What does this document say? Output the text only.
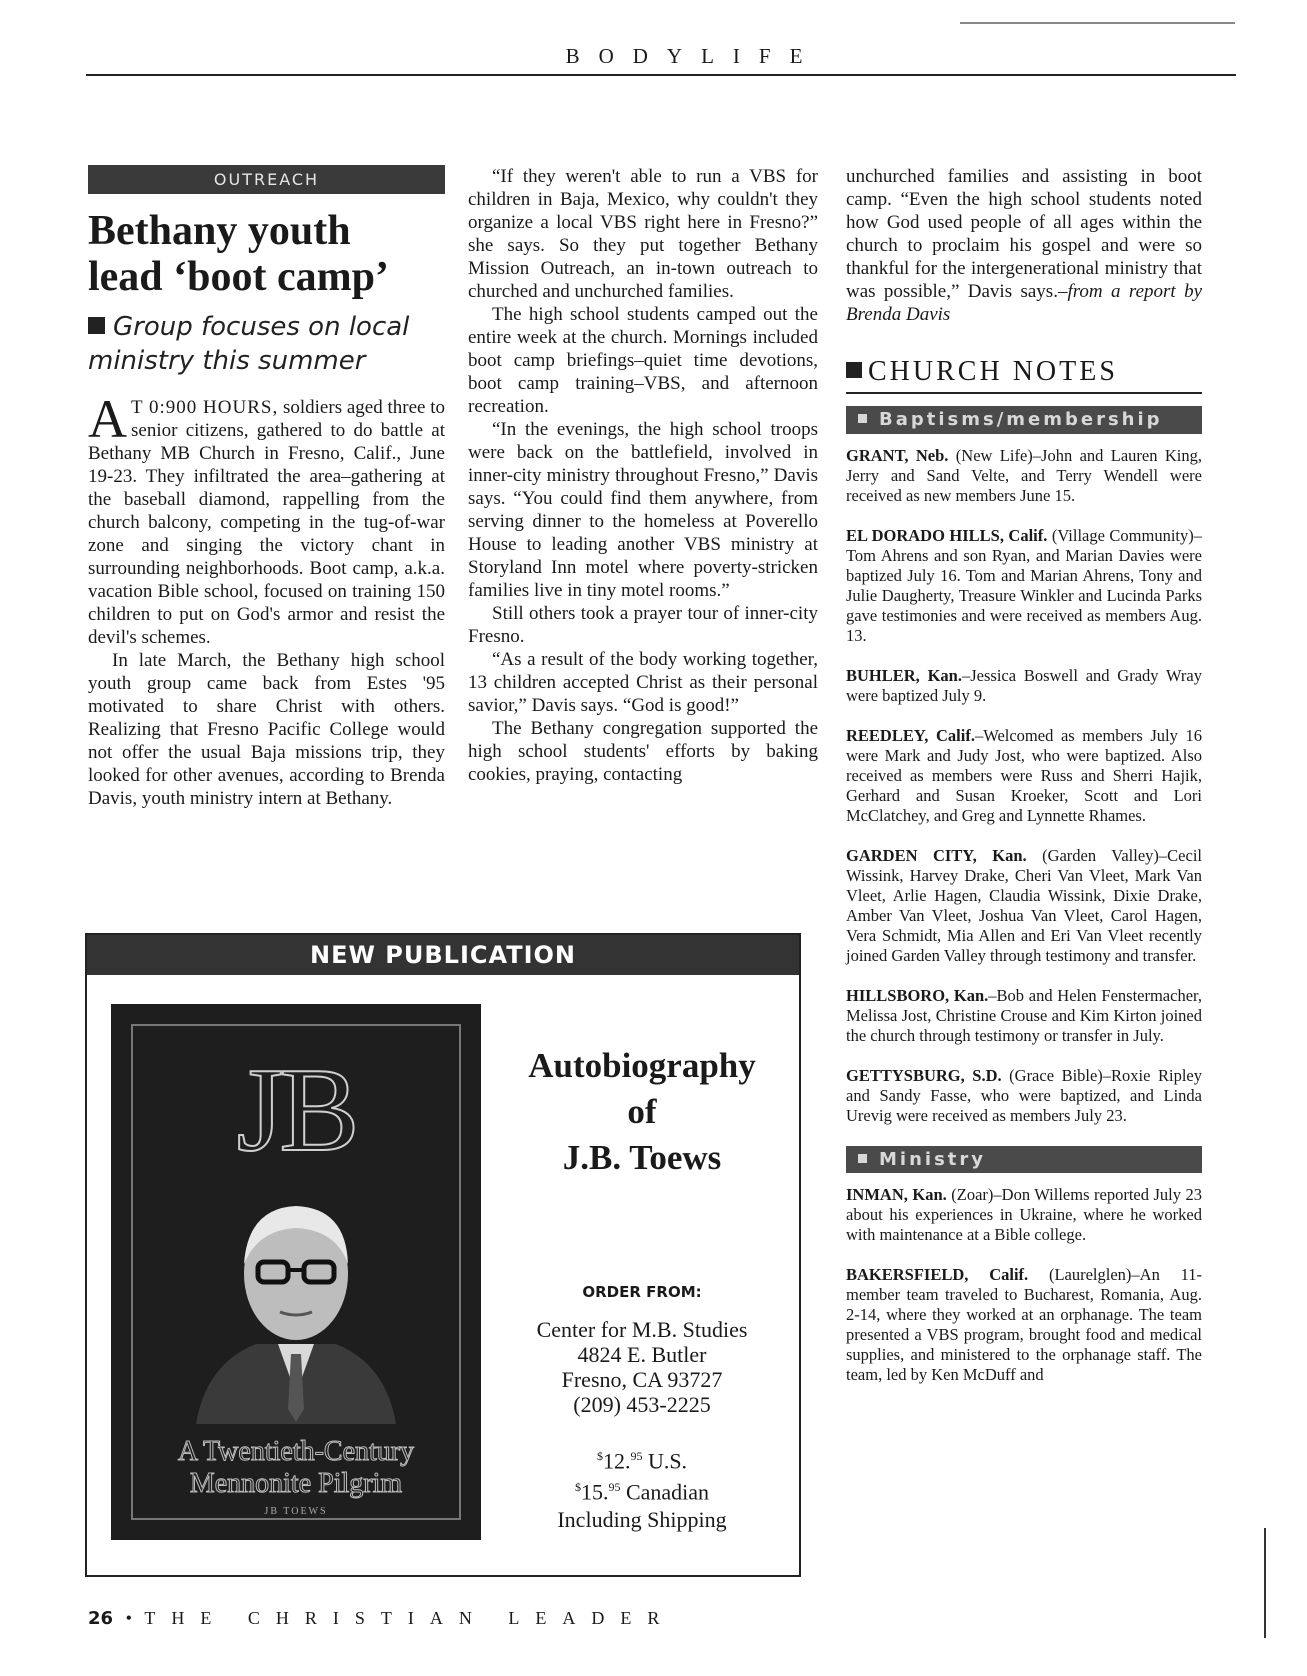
BODYLIFE
OUTREACH
Bethany youth
lead ‘boot camp’
Group focuses on local
ministry this summer

A T 0:900 HOURS, soldiers aged three to senior citizens, gathered to do battle at Bethany MB Church in Fresno, Calif., June 19-23. They infiltrated the area–gathering at the baseball diamond, rappelling from the church balcony, competing in the tug-of-war zone and singing the victory chant in surrounding neighborhoods. Boot camp, a.k.a. vacation Bible school, focused on training 150 children to put on God's armor and resist the devil's schemes.

In late March, the Bethany high school youth group came back from Estes '95 motivated to share Christ with others. Realizing that Fresno Pacific College would not offer the usual Baja missions trip, they looked for other avenues, according to Brenda Davis, youth ministry intern at Bethany.

“If they weren't able to run a VBS for children in Baja, Mexico, why couldn't they organize a local VBS right here in Fresno?” she says. So they put together Bethany Mission Outreach, an in-town outreach to churched and unchurched families.

The high school students camped out the entire week at the church. Mornings included boot camp briefings–quiet time devotions, boot camp training–VBS, and afternoon recreation.

“In the evenings, the high school troops were back on the battlefield, involved in inner-city ministry throughout Fresno,” Davis says. “You could find them anywhere, from serving dinner to the homeless at Poverello House to leading another VBS ministry at Storyland Inn motel where poverty-stricken families live in tiny motel rooms.”

Still others took a prayer tour of inner-city Fresno.

“As a result of the body working together, 13 children accepted Christ as their personal savior,” Davis says. “God is good!”

The Bethany congregation supported the high school students' efforts by baking cookies, praying, contacting

unchurched families and assisting in boot camp. “Even the high school students noted how God used people of all ages within the church to proclaim his gospel and were so thankful for the intergenerational ministry that was possible,” Davis says.–from a report by Brenda Davis

CHURCH NOTES
Baptisms/membership

GRANT, Neb. (New Life)–John and Lauren King, Jerry and Sand Velte, and Terry Wendell were received as new members June 15.

EL DORADO HILLS, Calif. (Village Community)–Tom Ahrens and son Ryan, and Marian Davies were baptized July 16. Tom and Marian Ahrens, Tony and Julie Daugherty, Treasure Winkler and Lucinda Parks gave testimonies and were received as members Aug. 13.

BUHLER, Kan.–Jessica Boswell and Grady Wray were baptized July 9.

REEDLEY, Calif.–Welcomed as members July 16 were Mark and Judy Jost, who were baptized. Also received as members were Russ and Sherri Hajik, Gerhard and Susan Kroeker, Scott and Lori McClatchey, and Greg and Lynnette Rhames.

GARDEN CITY, Kan. (Garden Valley)–Cecil Wissink, Harvey Drake, Cheri Van Vleet, Mark Van Vleet, Arlie Hagen, Claudia Wissink, Dixie Drake, Amber Van Vleet, Joshua Van Vleet, Carol Hagen, Vera Schmidt, Mia Allen and Eri Van Vleet recently joined Garden Valley through testimony and transfer.

HILLSBORO, Kan.–Bob and Helen Fenstermacher, Melissa Jost, Christine Crouse and Kim Kirton joined the church through testimony or transfer in July.

GETTYSBURG, S.D. (Grace Bible)–Roxie Ripley and Sandy Fasse, who were baptized, and Linda Urevig were received as members July 23.

Ministry

INMAN, Kan. (Zoar)–Don Willems reported July 23 about his experiences in Ukraine, where he worked with maintenance at a Bible college.

BAKERSFIELD, Calif. (Laurelglen)–An 11-member team traveled to Bucharest, Romania, Aug. 2-14, where they worked at an orphanage. The team presented a VBS program, brought food and medical supplies, and ministered to the orphanage staff. The team, led by Ken McDuff and

NEW PUBLICATION
JB
A Twentieth-Century
Mennonite Pilgrim
JB TOEWS
Autobiography
of
J.B. Toews
ORDER FROM:
Center for M.B. Studies
4824 E. Butler
Fresno, CA 93727
(209) 453-2225
$12.95 U.S.
$15.95 Canadian
Including Shipping
26 • THE CHRISTIAN LEADER
